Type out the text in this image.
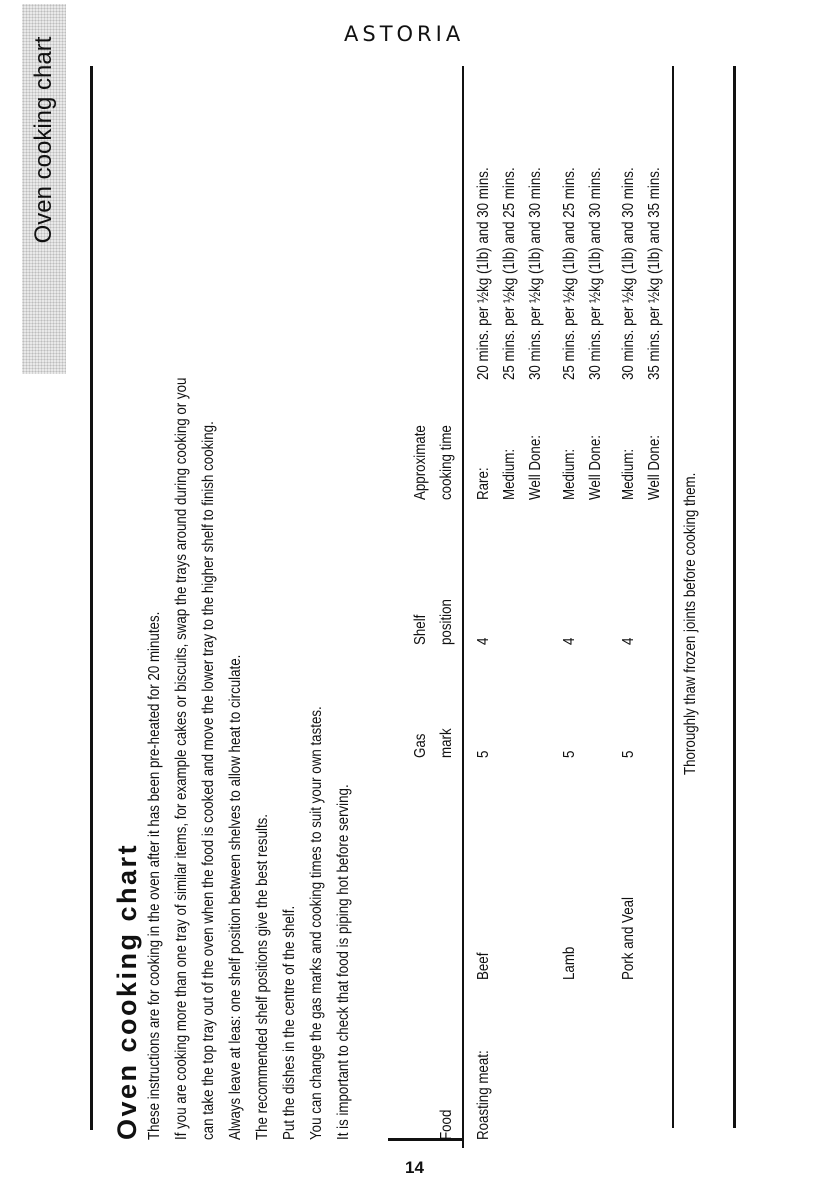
ASTORIA
Oven cooking chart
14
Oven cooking chart These instructions are for cooking in the oven after it has been pre-heated for 20 minutes. If you are cooking more than one tray of similar items, for example cakes or biscuits, swap the trays around during cooking or you can take the top tray out of the oven when the food is cooked and move the lower tray to the higher shelf to finish cooking. Always leave at leas: one shelf position between shelves to allow heat to circulate. The recommended shelf positions give the best results. Put the dishes in the centre of the shelf. You can change the gas marks and cooking times to suit your own tastes. It is important to check that food is piping hot before serving.	Food
Gas mark
Shelf position
Approximate cooking time
Roasting meat:
Beef
5
4
Rare: Medium: Well Done:
20 mins. per ½kg (1lb) and 30 mins. 25 mins. per ½kg (1lb) and 25 mins. 30 mins. per ½kg (1lb) and 30 mins.
Lamb
5
4
Medium: Well Done:
25 mins. per ½kg (1lb) and 25 mins. 30 mins. per ½kg (1lb) and 30 mins.
Pork and Veal
5
4
Medium: Well Done:
30 mins. per ½kg (1lb) and 30 mins. 35 mins. per ½kg (1lb) and 35 mins.
Thoroughly thaw frozen joints before cooking them.
